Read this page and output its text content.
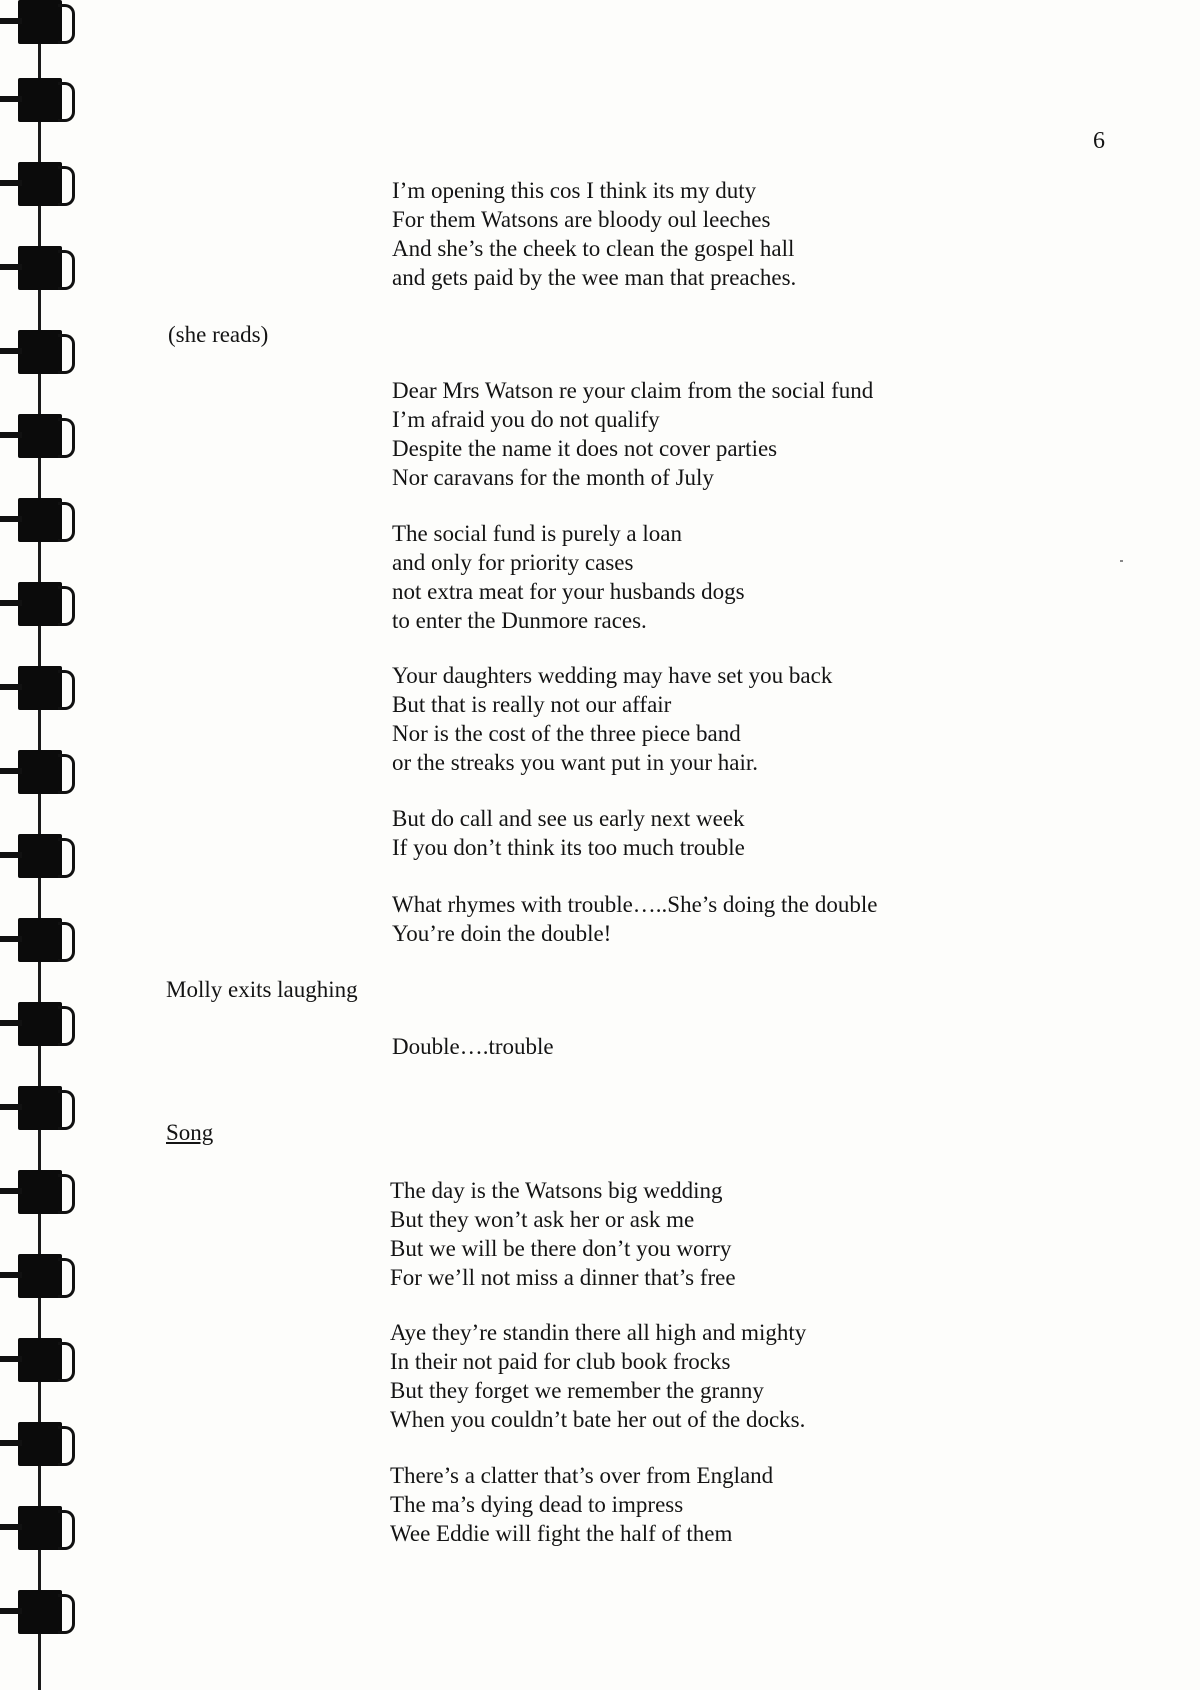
6
I’m opening this cos I think its my duty
For them Watsons are bloody oul leeches
And she’s the cheek to clean the gospel hall
and gets paid by the wee man that preaches.
(she reads)
Dear Mrs Watson re your claim from the social fund
I’m afraid you do not qualify
Despite the name it does not cover parties
Nor caravans for the month of July
The social fund is purely a loan
and only for priority cases
not extra meat for your husbands dogs
to enter the Dunmore races.
Your daughters wedding may have set you back
But that is really not our affair
Nor is the cost of the three piece band
or the streaks you want put in your hair.
But do call and see us early next week
If you don’t think its too much trouble
What rhymes with trouble…..She’s doing the double
You’re doin the double!
Molly exits laughing
Double….trouble
Song
The day is the Watsons big wedding
But they won’t ask her or ask me
But we will be there don’t you worry
For we’ll not miss a dinner that’s free
Aye they’re standin there all high and mighty
In their not paid for club book frocks
But they forget we remember the granny
When you couldn’t bate her out of the docks.
There’s a clatter that’s over from England
The ma’s dying dead to impress
Wee Eddie will fight the half of them
